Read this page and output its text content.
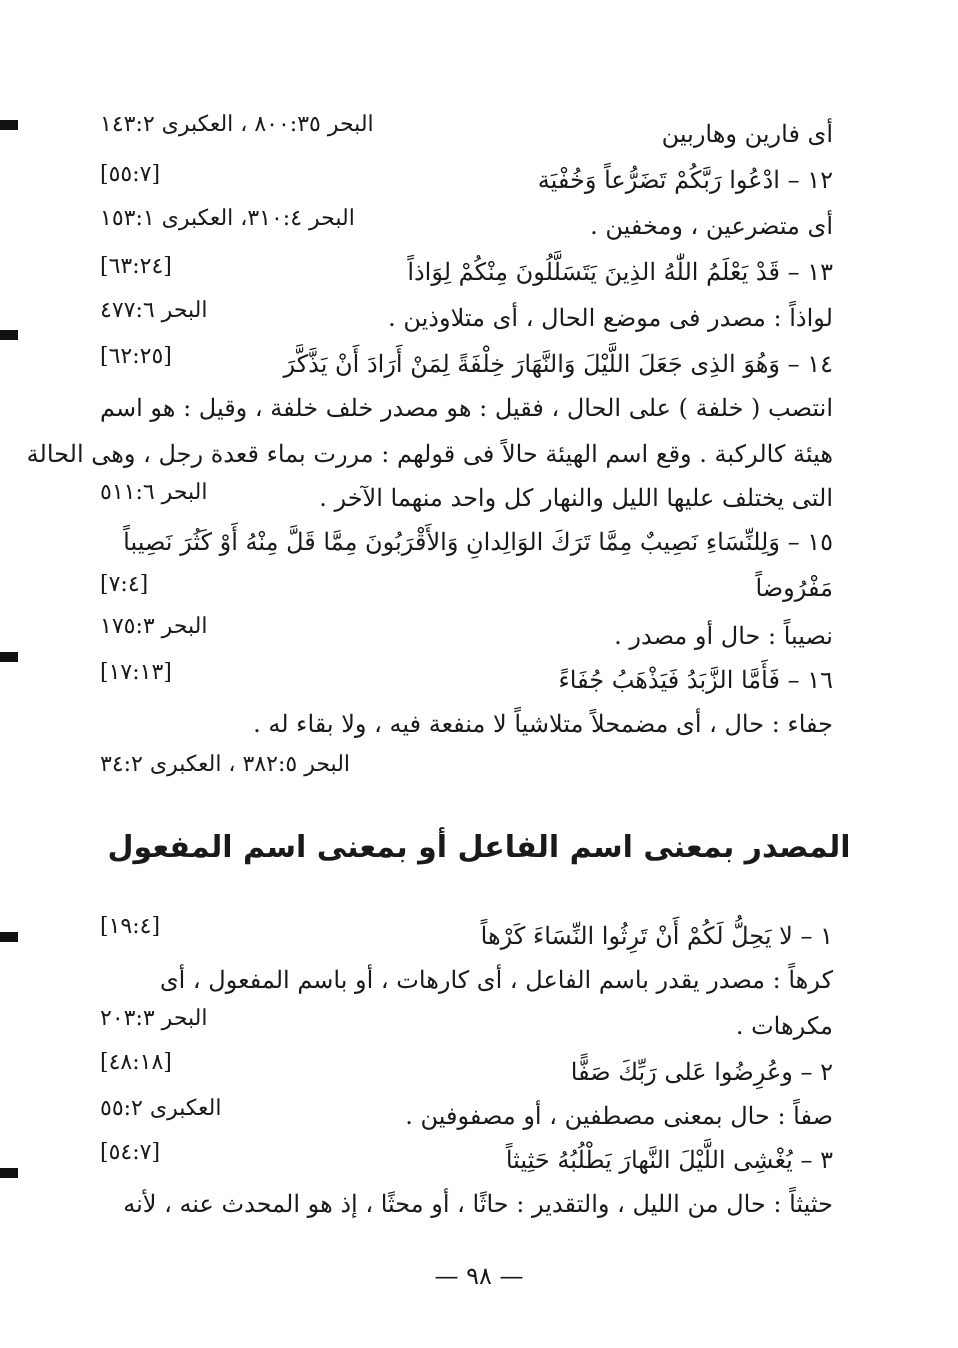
أى فارين وهاربين
البحر ٨٠٠:٣٥ ، العكبرى ١٤٣:٢
١٢ – ادْعُوا رَبَّكُمْ تَضَرُّعاً وَخُفْيَة
[٥٥:٧]
أى متضرعين ، ومخفين .
البحر ٣١٠:٤، العكبرى ١٥٣:١
١٣ – قَدْ يَعْلَمُ اللّٰهُ الذِينَ يَتَسَلَّلُونَ مِنْكُمْ لِوَاذاً
[٦٣:٢٤]
لواذاً : مصدر فى موضع الحال ، أى متلاوذين .
البحر ٤٧٧:٦
١٤ – وَهُوَ الذِى جَعَلَ اللَّيْلَ وَالنَّهَارَ خِلْفَةً لِمَنْ أَرَادَ أَنْ يَذَّكَّرَ
[٦٢:٢٥]
انتصب ( خلفة ) على الحال ، فقيل : هو مصدر خلف خلفة ، وقيل : هو اسم
هيئة كالركبة . وقع اسم الهيئة حالاً فى قولهم : مررت بماء قعدة رجل ، وهى الحالة
التى يختلف عليها الليل والنهار كل واحد منهما الآخر .
البحر ٥١١:٦
١٥ – وَلِلنِّسَاءِ نَصِيبٌ مِمَّا تَرَكَ الوَالِدانِ وَالأَقْرَبُونَ مِمَّا قَلَّ مِنْهُ أَوْ كَثُرَ نَصِيباً
مَفْرُوضاً
[٧:٤]
نصيباً : حال أو مصدر .
البحر ١٧٥:٣
١٦ – فَأَمَّا الزَّبَدُ فَيَذْهَبُ جُفَاءً
[١٧:١٣]
جفاء : حال ، أى مضمحلاً متلاشياً لا منفعة فيه ، ولا بقاء له .
البحر ٣٨٢:٥ ، العكبرى ٣٤:٢
المصدر بمعنى اسم الفاعل أو بمعنى اسم المفعول
١ – لا يَحِلُّ لَكُمْ أَنْ تَرِثُوا النِّسَاءَ كَرْهاً
[١٩:٤]
كرهاً : مصدر يقدر باسم الفاعل ، أى كارهات ، أو باسم المفعول ، أى
مكرهات .
البحر ٢٠٣:٣
٢ – وعُرِضُوا عَلى رَبِّكَ صَفًّا
[٤٨:١٨]
صفاً : حال بمعنى مصطفين ، أو مصفوفين .
العكبرى ٥٥:٢
٣ – يُغْشِى اللَّيْلَ النَّهارَ يَطْلُبُهُ حَثِيثاً
[٥٤:٧]
حثيثاً : حال من الليل ، والتقدير : حاثًا ، أو محثًا ، إذ هو المحدث عنه ، لأنه
— ٩٨ —
